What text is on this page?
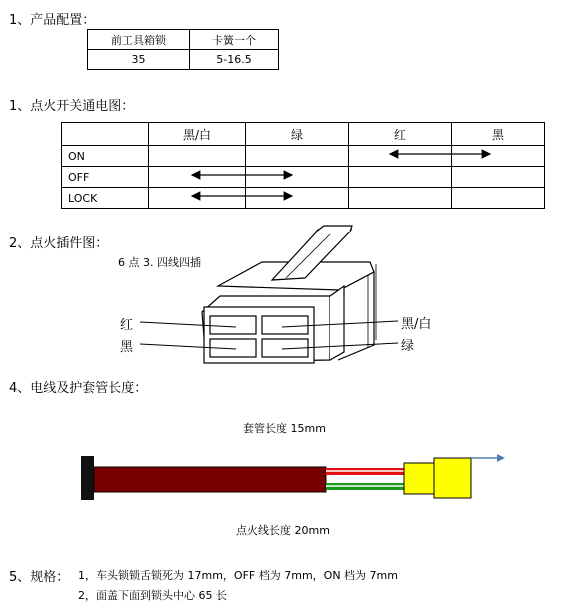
1、产品配置：
前工具箱锁	卡簧一个
35	5-16.5
1、点火开关通电图：
	黑/白	绿	红	黑
ON				
OFF				
LOCK				
2、点火插件图：
6 点 3. 四线四插
红
黑
黑/白
绿
4、电线及护套管长度：
套管长度 15mm
点火线长度 20mm
5、规格： 1，车头锁锁舌锁死为 17mm，OFF 档为 7mm，ON 档为 7mm
2，面盖下面到锁头中心 65 长
